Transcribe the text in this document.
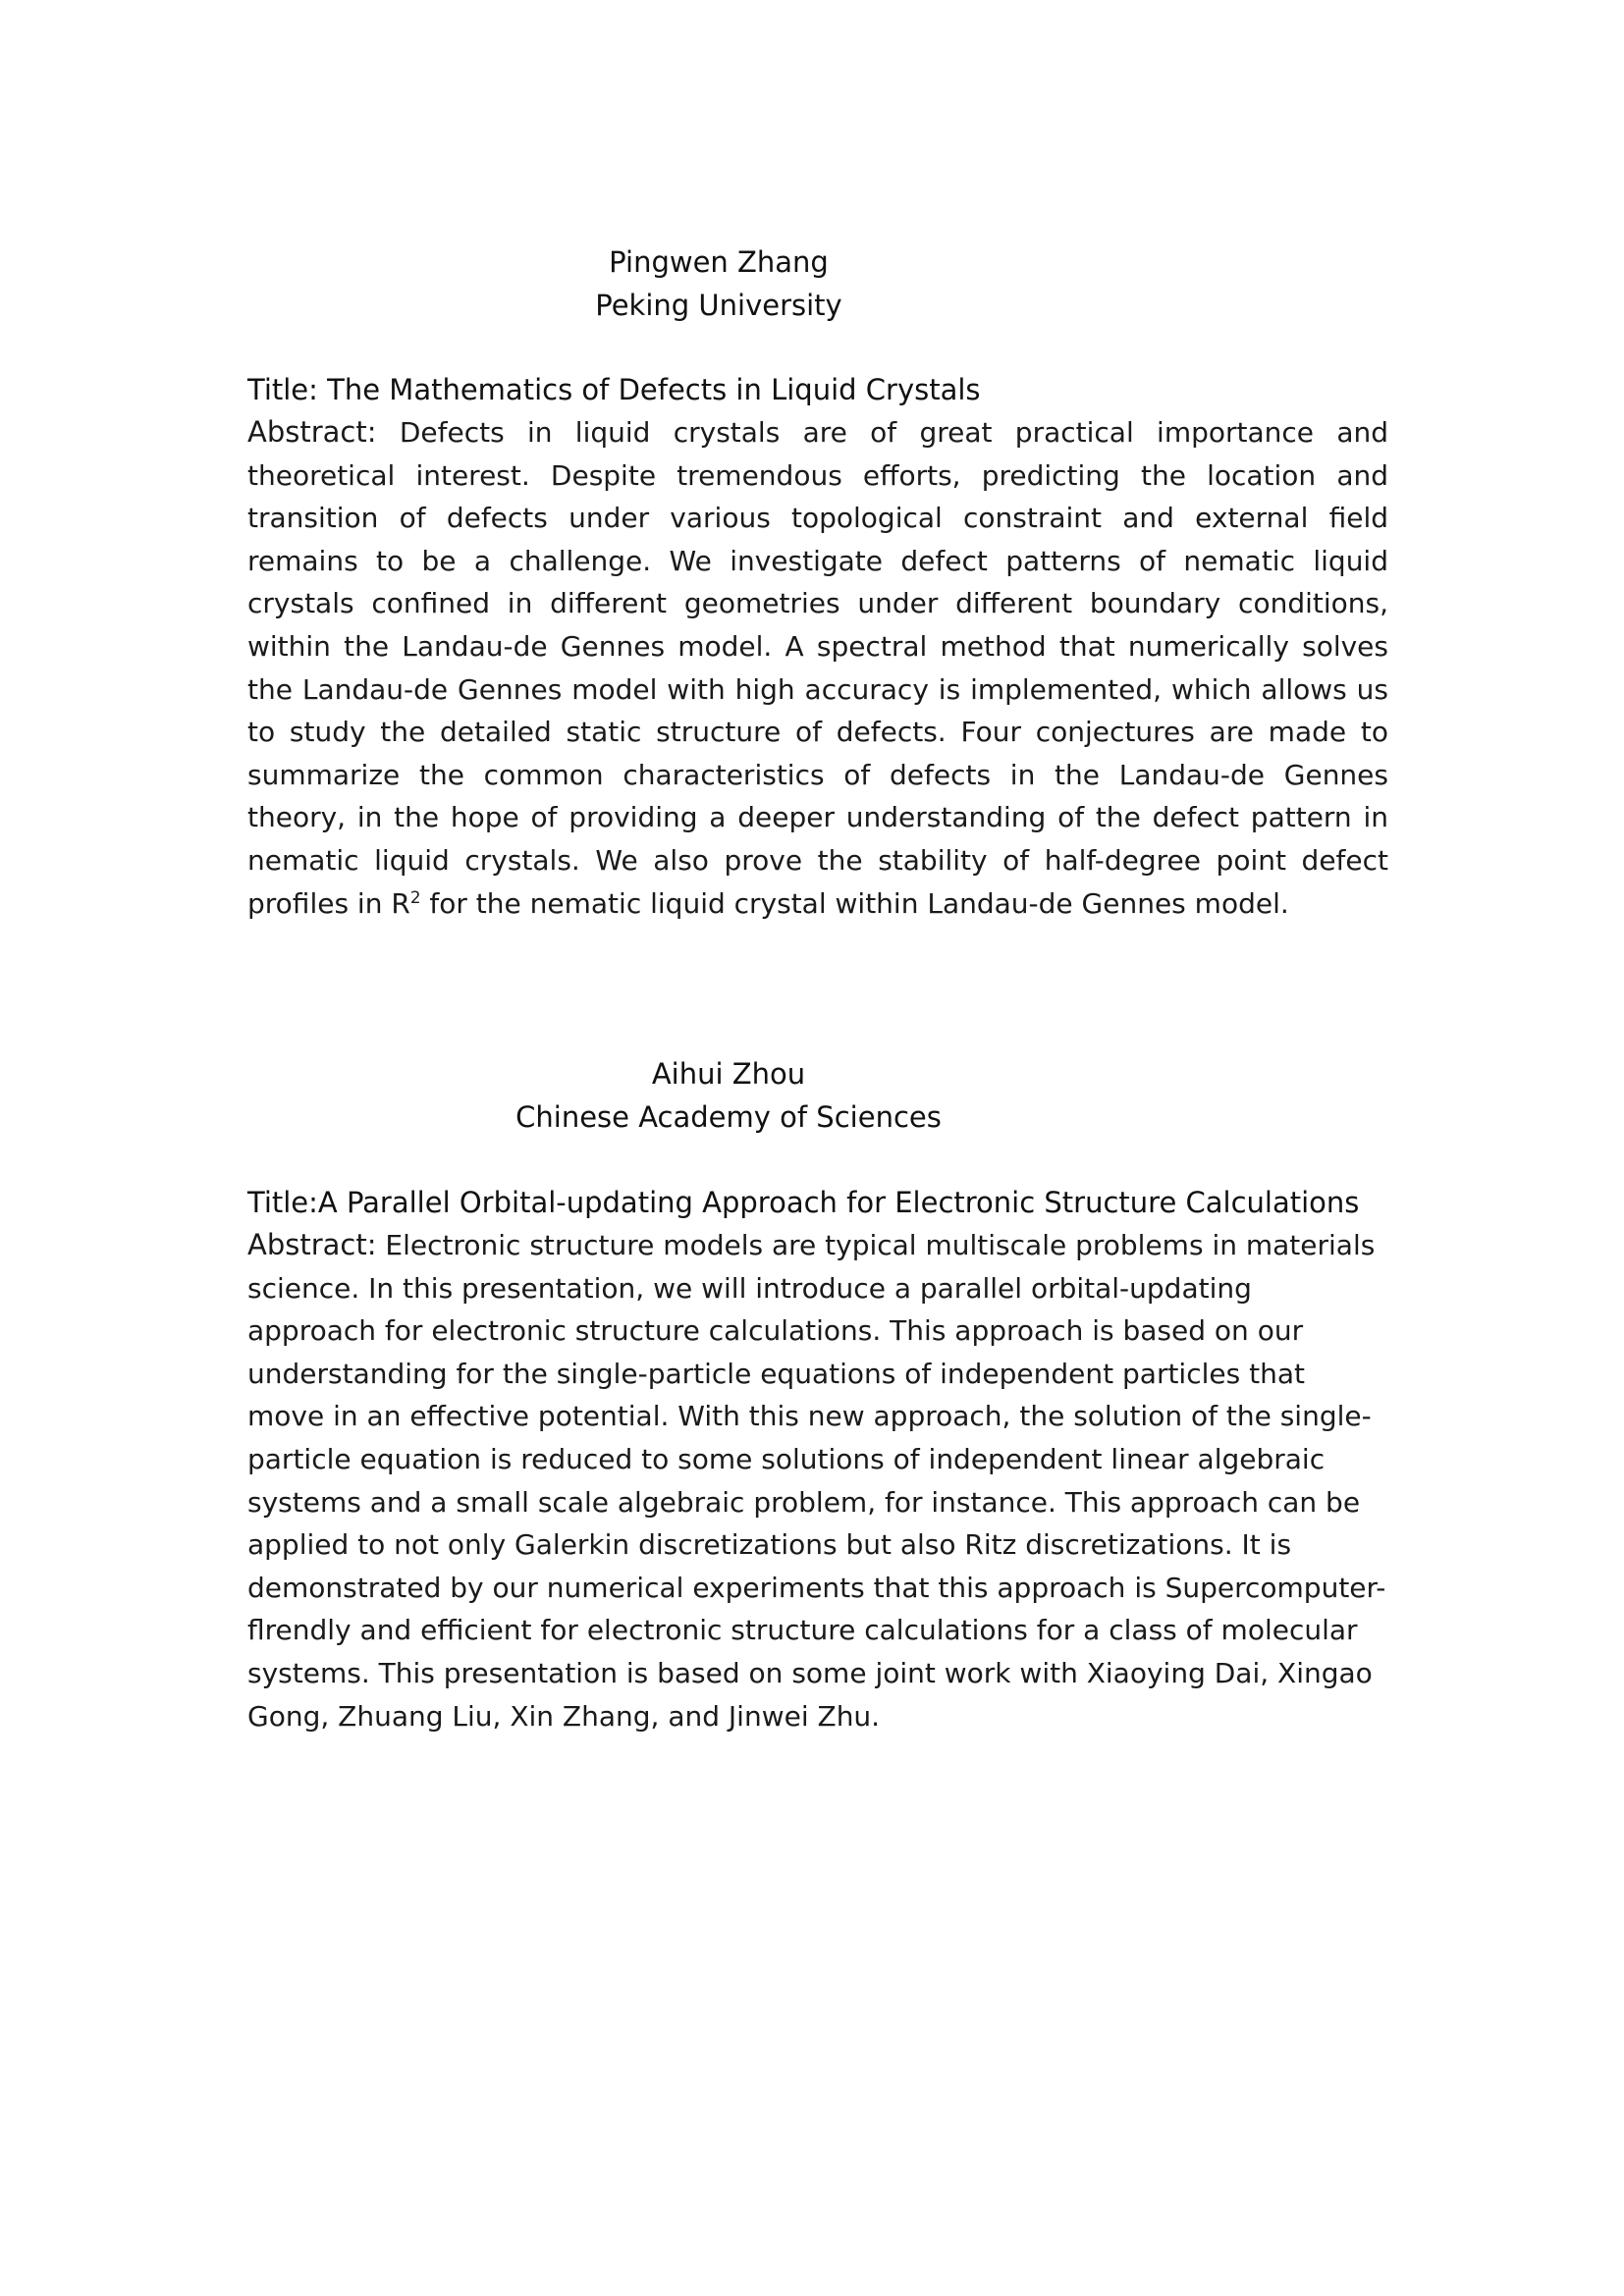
Pingwen Zhang
Peking University
Title: The Mathematics of Defects in Liquid Crystals

Abstract: Defects in liquid crystals are of great practical importance and theoretical interest. Despite tremendous efforts, predicting the location and transition of defects under various topological constraint and external field remains to be a challenge. We investigate defect patterns of nematic liquid crystals confined in different geometries under different boundary conditions, within the Landau-de Gennes model. A spectral method that numerically solves the Landau-de Gennes model with high accuracy is implemented, which allows us to study the detailed static structure of defects. Four conjectures are made to summarize the common characteristics of defects in the Landau-de Gennes theory, in the hope of providing a deeper understanding of the defect pattern in nematic liquid crystals. We also prove the stability of half-degree point defect profiles in $R^2$ for the nematic liquid crystal within Landau-de Gennes model.

Aihui Zhou
Chinese Academy of Sciences
Title:A Parallel Orbital-updating Approach for Electronic Structure Calculations

Abstract: Electronic structure models are typical multiscale problems in materials science. In this presentation, we will introduce a parallel orbital-updating approach for electronic structure calculations. This approach is based on our understanding for the single-particle equations of independent particles that move in an effective potential. With this new approach, the solution of the single-particle equation is reduced to some solutions of independent linear algebraic systems and a small scale algebraic problem, for instance. This approach can be applied to not only Galerkin discretizations but also Ritz discretizations. It is demonstrated by our numerical experiments that this approach is Supercomputer- flrendly and efficient for electronic structure calculations for a class of molecular systems. This presentation is based on some joint work with Xiaoying Dai, Xingao Gong, Zhuang Liu, Xin Zhang, and Jinwei Zhu.
